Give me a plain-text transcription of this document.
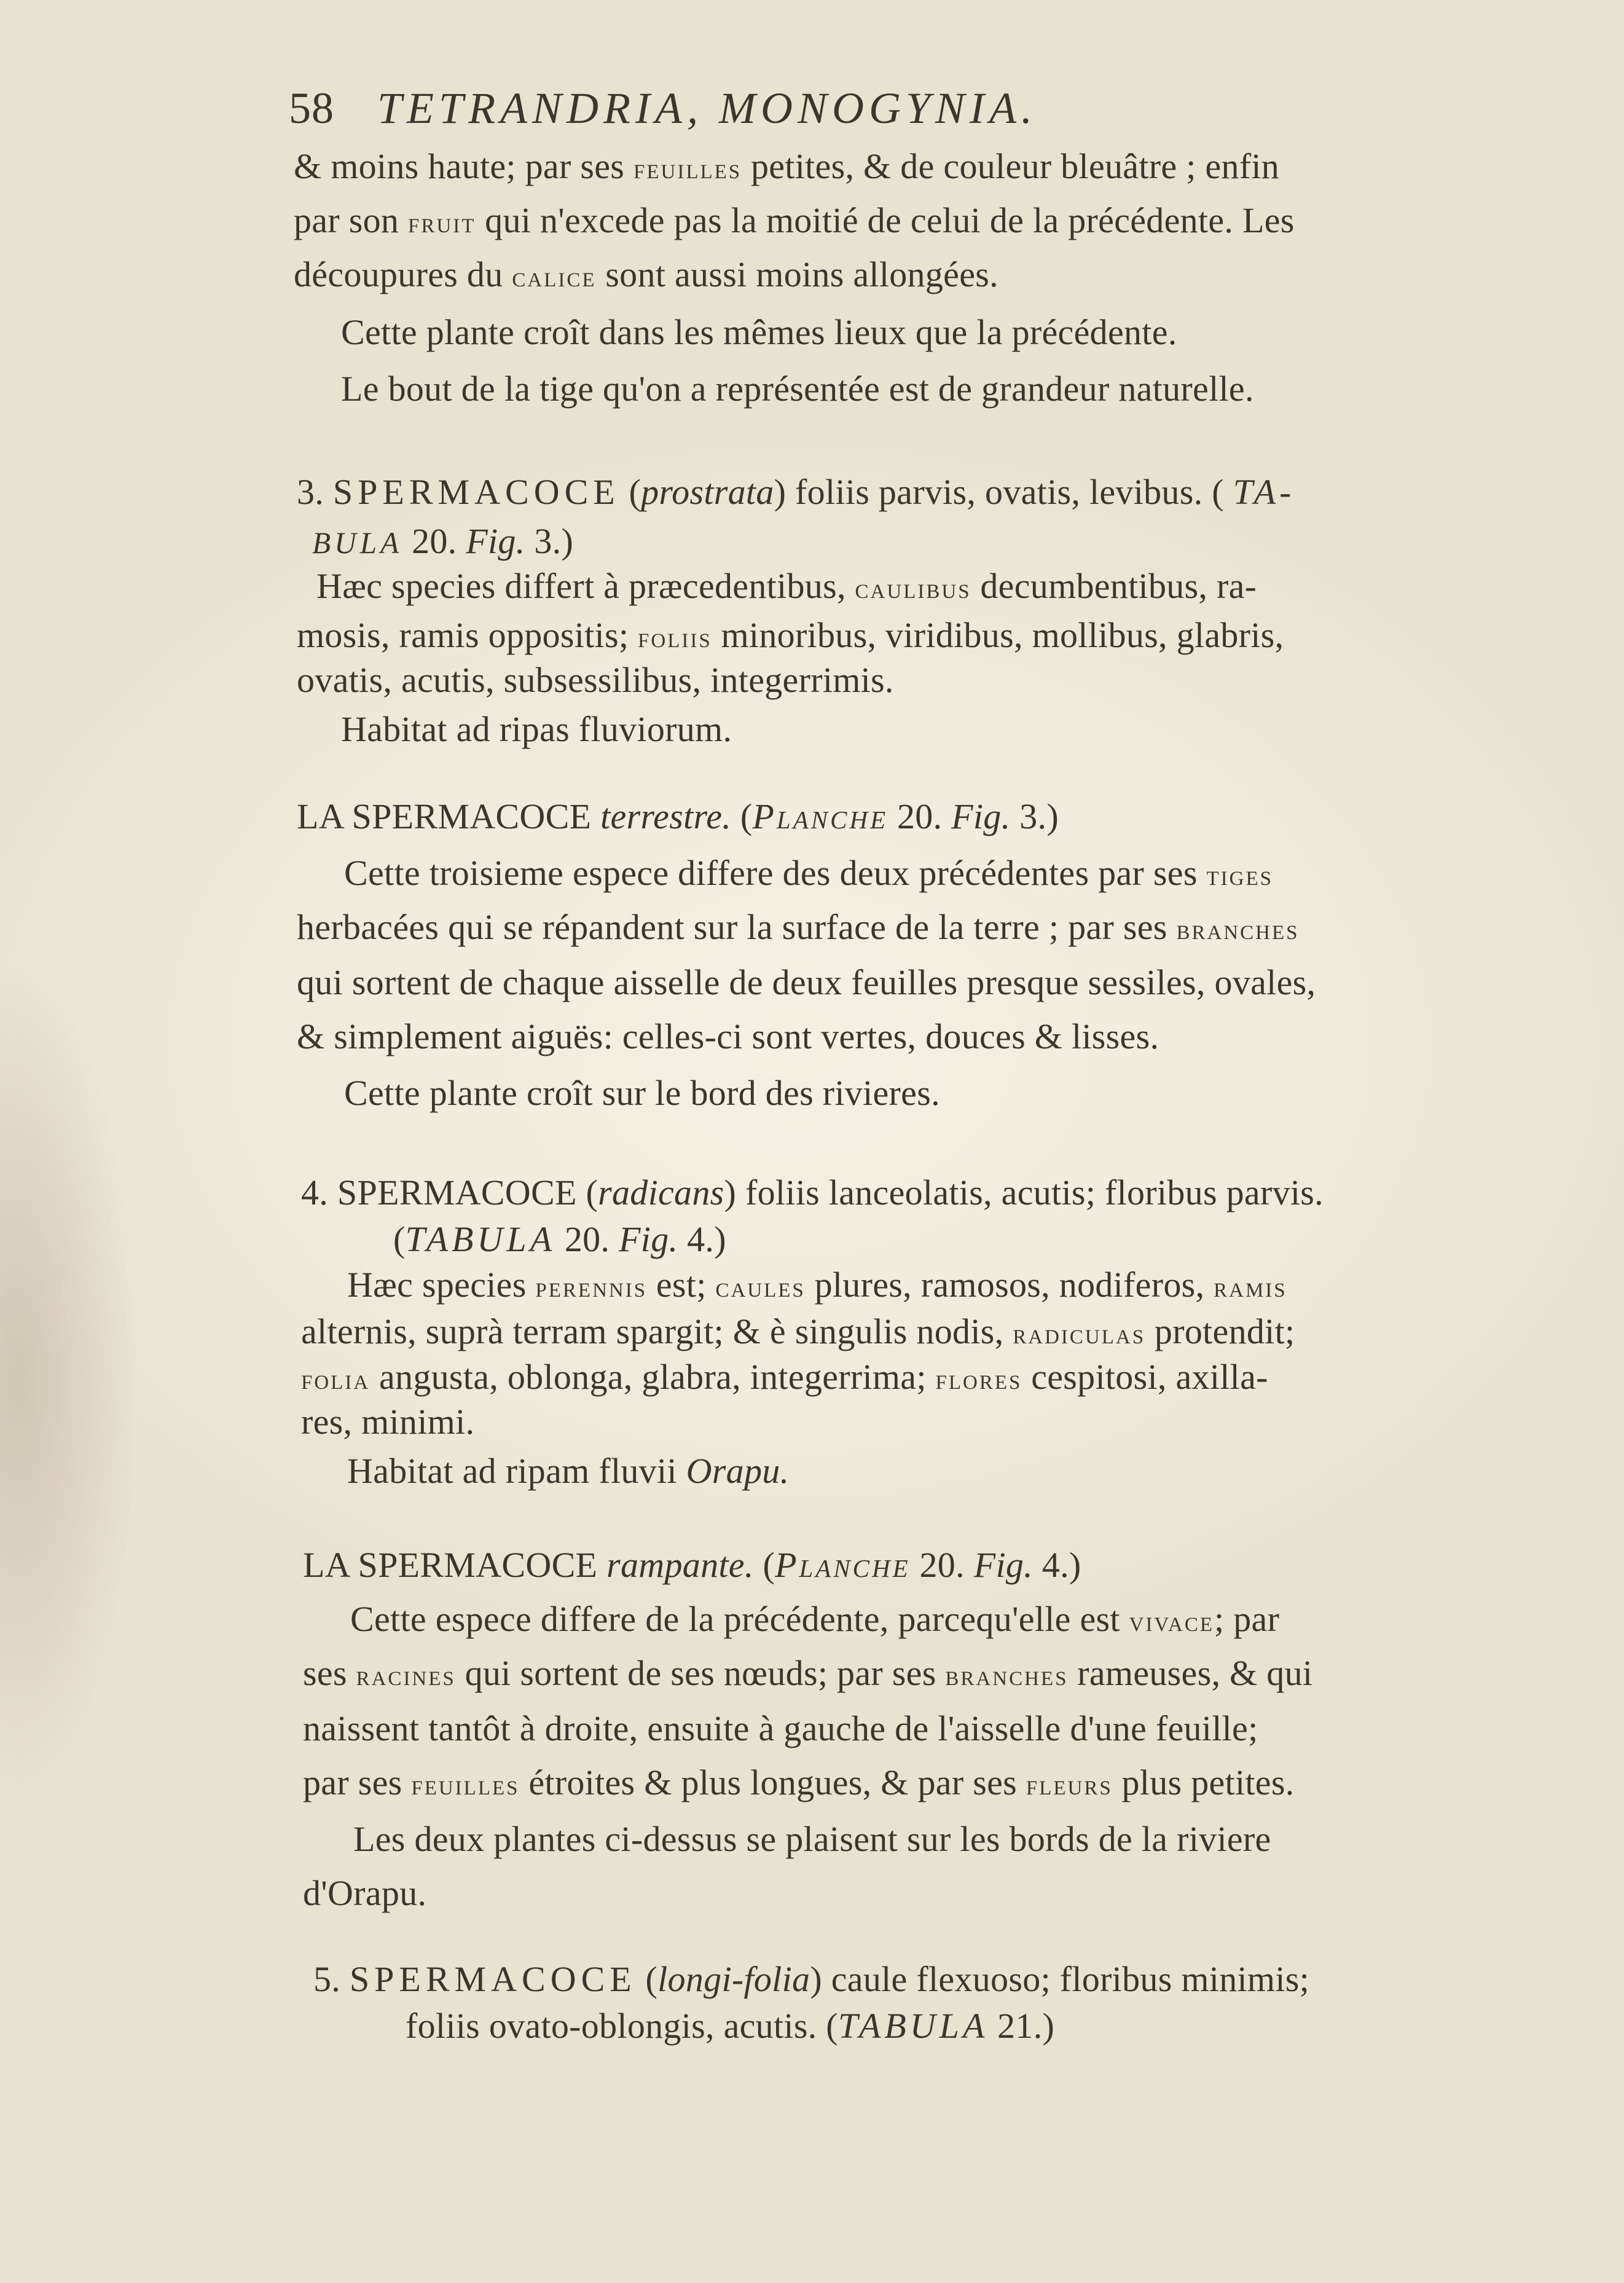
58 TETRANDRIA, MONOGYNIA.
& moins haute; par ses feuilles petites, & de couleur bleuâtre ; enfin
par son fruit qui n'excede pas la moitié de celui de la précédente. Les
découpures du calice sont aussi moins allongées.
Cette plante croît dans les mêmes lieux que la précédente.
Le bout de la tige qu'on a représentée est de grandeur naturelle.
3. SPERMACOCE (prostrata) foliis parvis, ovatis, levibus. ( TA-
BULA 20. Fig. 3.)
Hæc species differt à præcedentibus, caulibus decumbentibus, ra-
mosis, ramis oppositis; foliis minoribus, viridibus, mollibus, glabris,
ovatis, acutis, subsessilibus, integerrimis.
Habitat ad ripas fluviorum.
LA SPERMACOCE terrestre. (Planche 20. Fig. 3.)
Cette troisieme espece differe des deux précédentes par ses tiges
herbacées qui se répandent sur la surface de la terre ; par ses branches
qui sortent de chaque aisselle de deux feuilles presque sessiles, ovales,
& simplement aiguës: celles-ci sont vertes, douces & lisses.
Cette plante croît sur le bord des rivieres.
4. SPERMACOCE (radicans) foliis lanceolatis, acutis; floribus parvis.
(TABULA 20. Fig. 4.)
Hæc species perennis est; caules plures, ramosos, nodiferos, ramis
alternis, suprà terram spargit; & è singulis nodis, radiculas protendit;
folia angusta, oblonga, glabra, integerrima; flores cespitosi, axilla-
res, minimi.
Habitat ad ripam fluvii Orapu.
LA SPERMACOCE rampante. (Planche 20. Fig. 4.)
Cette espece differe de la précédente, parcequ'elle est vivace; par
ses racines qui sortent de ses nœuds; par ses branches rameuses, & qui
naissent tantôt à droite, ensuite à gauche de l'aisselle d'une feuille;
par ses feuilles étroites & plus longues, & par ses fleurs plus petites.
Les deux plantes ci-dessus se plaisent sur les bords de la riviere
d'Orapu.
5. SPERMACOCE (longi-folia) caule flexuoso; floribus minimis;
foliis ovato-oblongis, acutis. (TABULA 21.)
